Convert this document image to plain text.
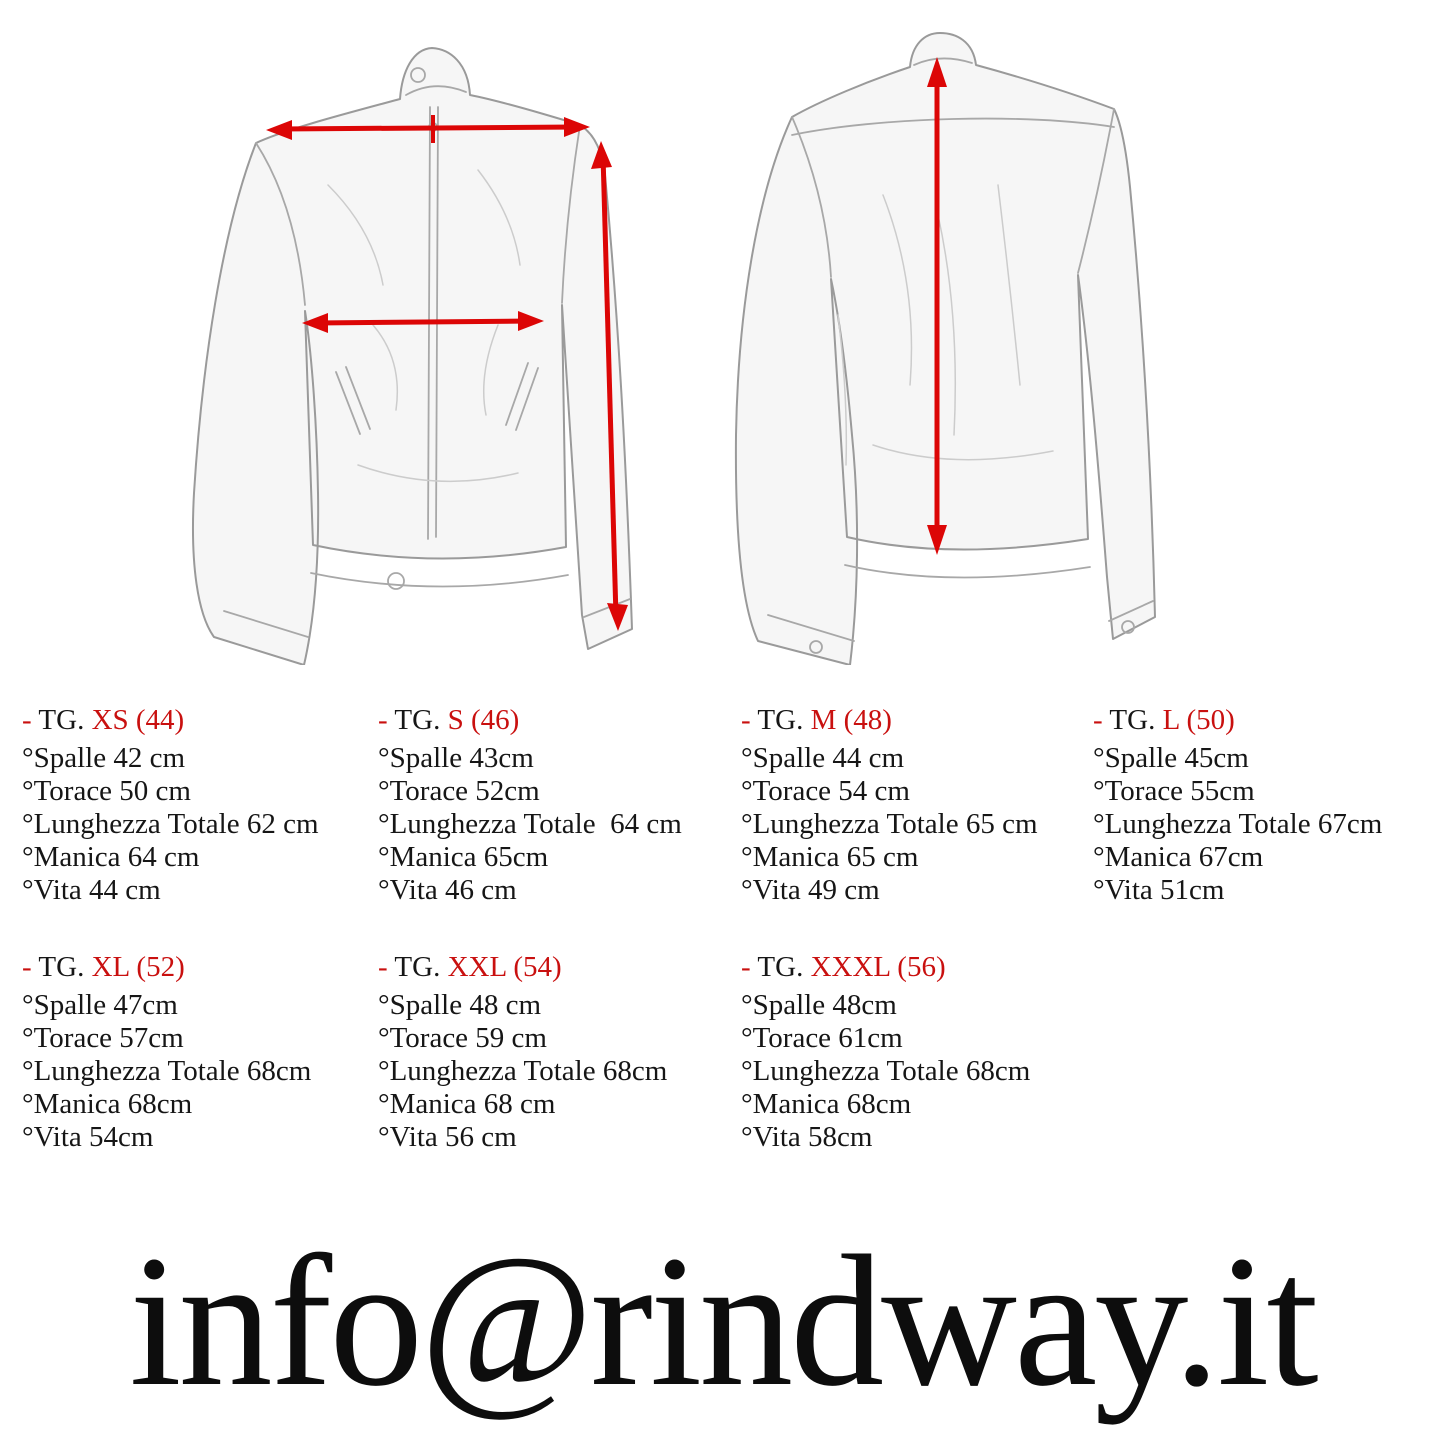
- TG. XS (44)
°Spalle 42 cm
°Torace 50 cm
°Lunghezza Totale 62 cm
°Manica 64 cm
°Vita 44 cm
- TG. S (46)
°Spalle 43cm
°Torace 52cm
°Lunghezza Totale  64 cm
°Manica 65cm
°Vita 46 cm
- TG. M (48)
°Spalle 44 cm
°Torace 54 cm
°Lunghezza Totale 65 cm
°Manica 65 cm
°Vita 49 cm
- TG. L (50)
°Spalle 45cm
°Torace 55cm
°Lunghezza Totale 67cm
°Manica 67cm
°Vita 51cm
- TG. XL (52)
°Spalle 47cm
°Torace 57cm
°Lunghezza Totale 68cm
°Manica 68cm
°Vita 54cm
- TG. XXL (54)
°Spalle 48 cm
°Torace 59 cm
°Lunghezza Totale 68cm
°Manica 68 cm
°Vita 56 cm
- TG. XXXL (56)
°Spalle 48cm
°Torace 61cm
°Lunghezza Totale 68cm
°Manica 68cm
°Vita 58cm
info@rindway.it
